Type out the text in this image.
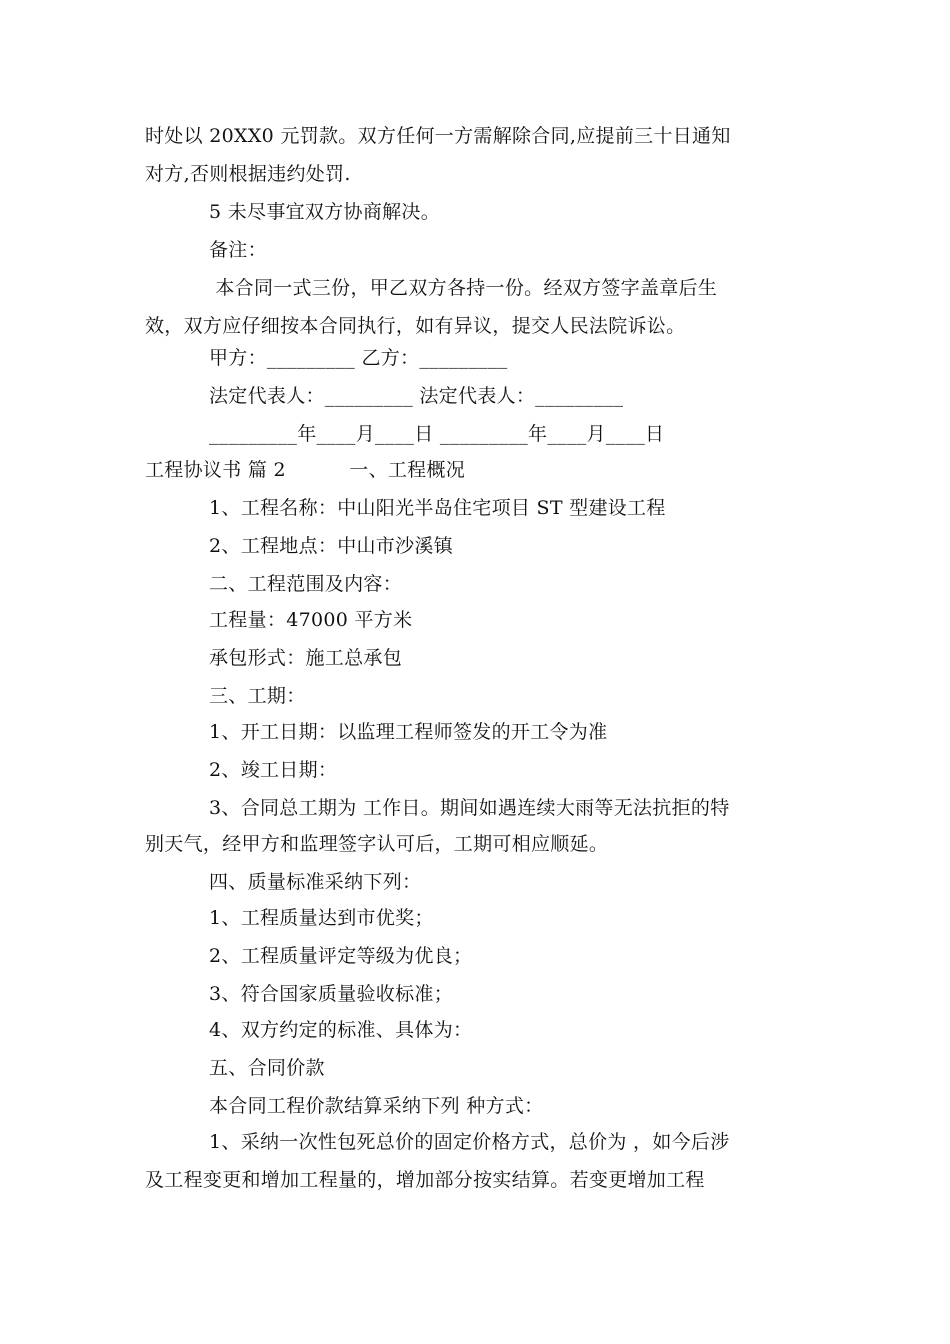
时处以 20XX0 元罚款。双方任何一方需解除合同,应提前三十日通知
对方,否则根据违约处罚.
5 未尽事宜双方协商解决。
备注：
本合同一式三份，甲乙双方各持一份。经双方签字盖章后生
效，双方应仔细按本合同执行，如有异议，提交人民法院诉讼。
甲方：_________ 乙方：_________
法定代表人：_________ 法定代表人：_________
_________年____月____日 _________年____月____日
工程协议书 篇 2          一、工程概况
1、工程名称：中山阳光半岛住宅项目 ST 型建设工程
2、工程地点：中山市沙溪镇
二、工程范围及内容：
工程量：47000 平方米
承包形式：施工总承包
三、工期：
1、开工日期：以监理工程师签发的开工令为准
2、竣工日期：
3、合同总工期为 工作日。期间如遇连续大雨等无法抗拒的特
别天气，经甲方和监理签字认可后，工期可相应顺延。
四、质量标准采纳下列：
1、工程质量达到市优奖；
2、工程质量评定等级为优良；
3、符合国家质量验收标准；
4、双方约定的标准、具体为：
五、合同价款
本合同工程价款结算采纳下列 种方式：
1、采纳一次性包死总价的固定价格方式，总价为 ，如今后涉
及工程变更和增加工程量的，增加部分按实结算。若变更增加工程
